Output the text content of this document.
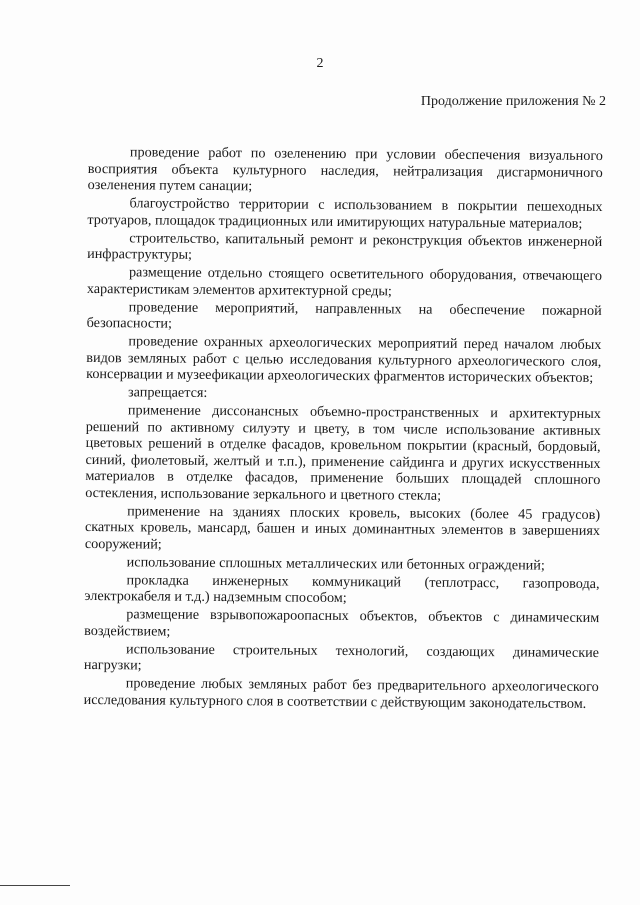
2
Продолжение приложения № 2

проведение работ по озеленению при условии обеспечения визуального восприятия объекта культурного наследия, нейтрализация дисгармоничного озеленения путем санации;

благоустройство территории с использованием в покрытии пешеходных тротуаров, площадок традиционных или имитирующих натуральные материалов;

строительство, капитальный ремонт и реконструкция объектов инженерной инфраструктуры;

размещение отдельно стоящего осветительного оборудования, отвечающего характеристикам элементов архитектурной среды;

проведение мероприятий, направленных на обеспечение пожарной безопасности;

проведение охранных археологических мероприятий перед началом любых видов земляных работ с целью исследования культурного археологического слоя, консервации и музеефикации археологических фрагментов исторических объектов;

запрещается:

применение диссонансных объемно-пространственных и архитектурных решений по активному силуэту и цвету, в том числе использование активных цветовых решений в отделке фасадов, кровельном покрытии (красный, бордовый, синий, фиолетовый, желтый и т.п.), применение сайдинга и других искусственных материалов в отделке фасадов, применение больших площадей сплошного остекления, использование зеркального и цветного стекла;

применение на зданиях плоских кровель, высоких (более 45 градусов) скатных кровель, мансард, башен и иных доминантных элементов в завершениях сооружений;

использование сплошных металлических или бетонных ограждений;

прокладка инженерных коммуникаций (теплотрасс, газопровода, электрокабеля и т.д.) надземным способом;

размещение взрывопожароопасных объектов, объектов с динамическим воздействием;

использование строительных технологий, создающих динамические нагрузки;

проведение любых земляных работ без предварительного археологического исследования культурного слоя в соответствии с действующим законодательством.
